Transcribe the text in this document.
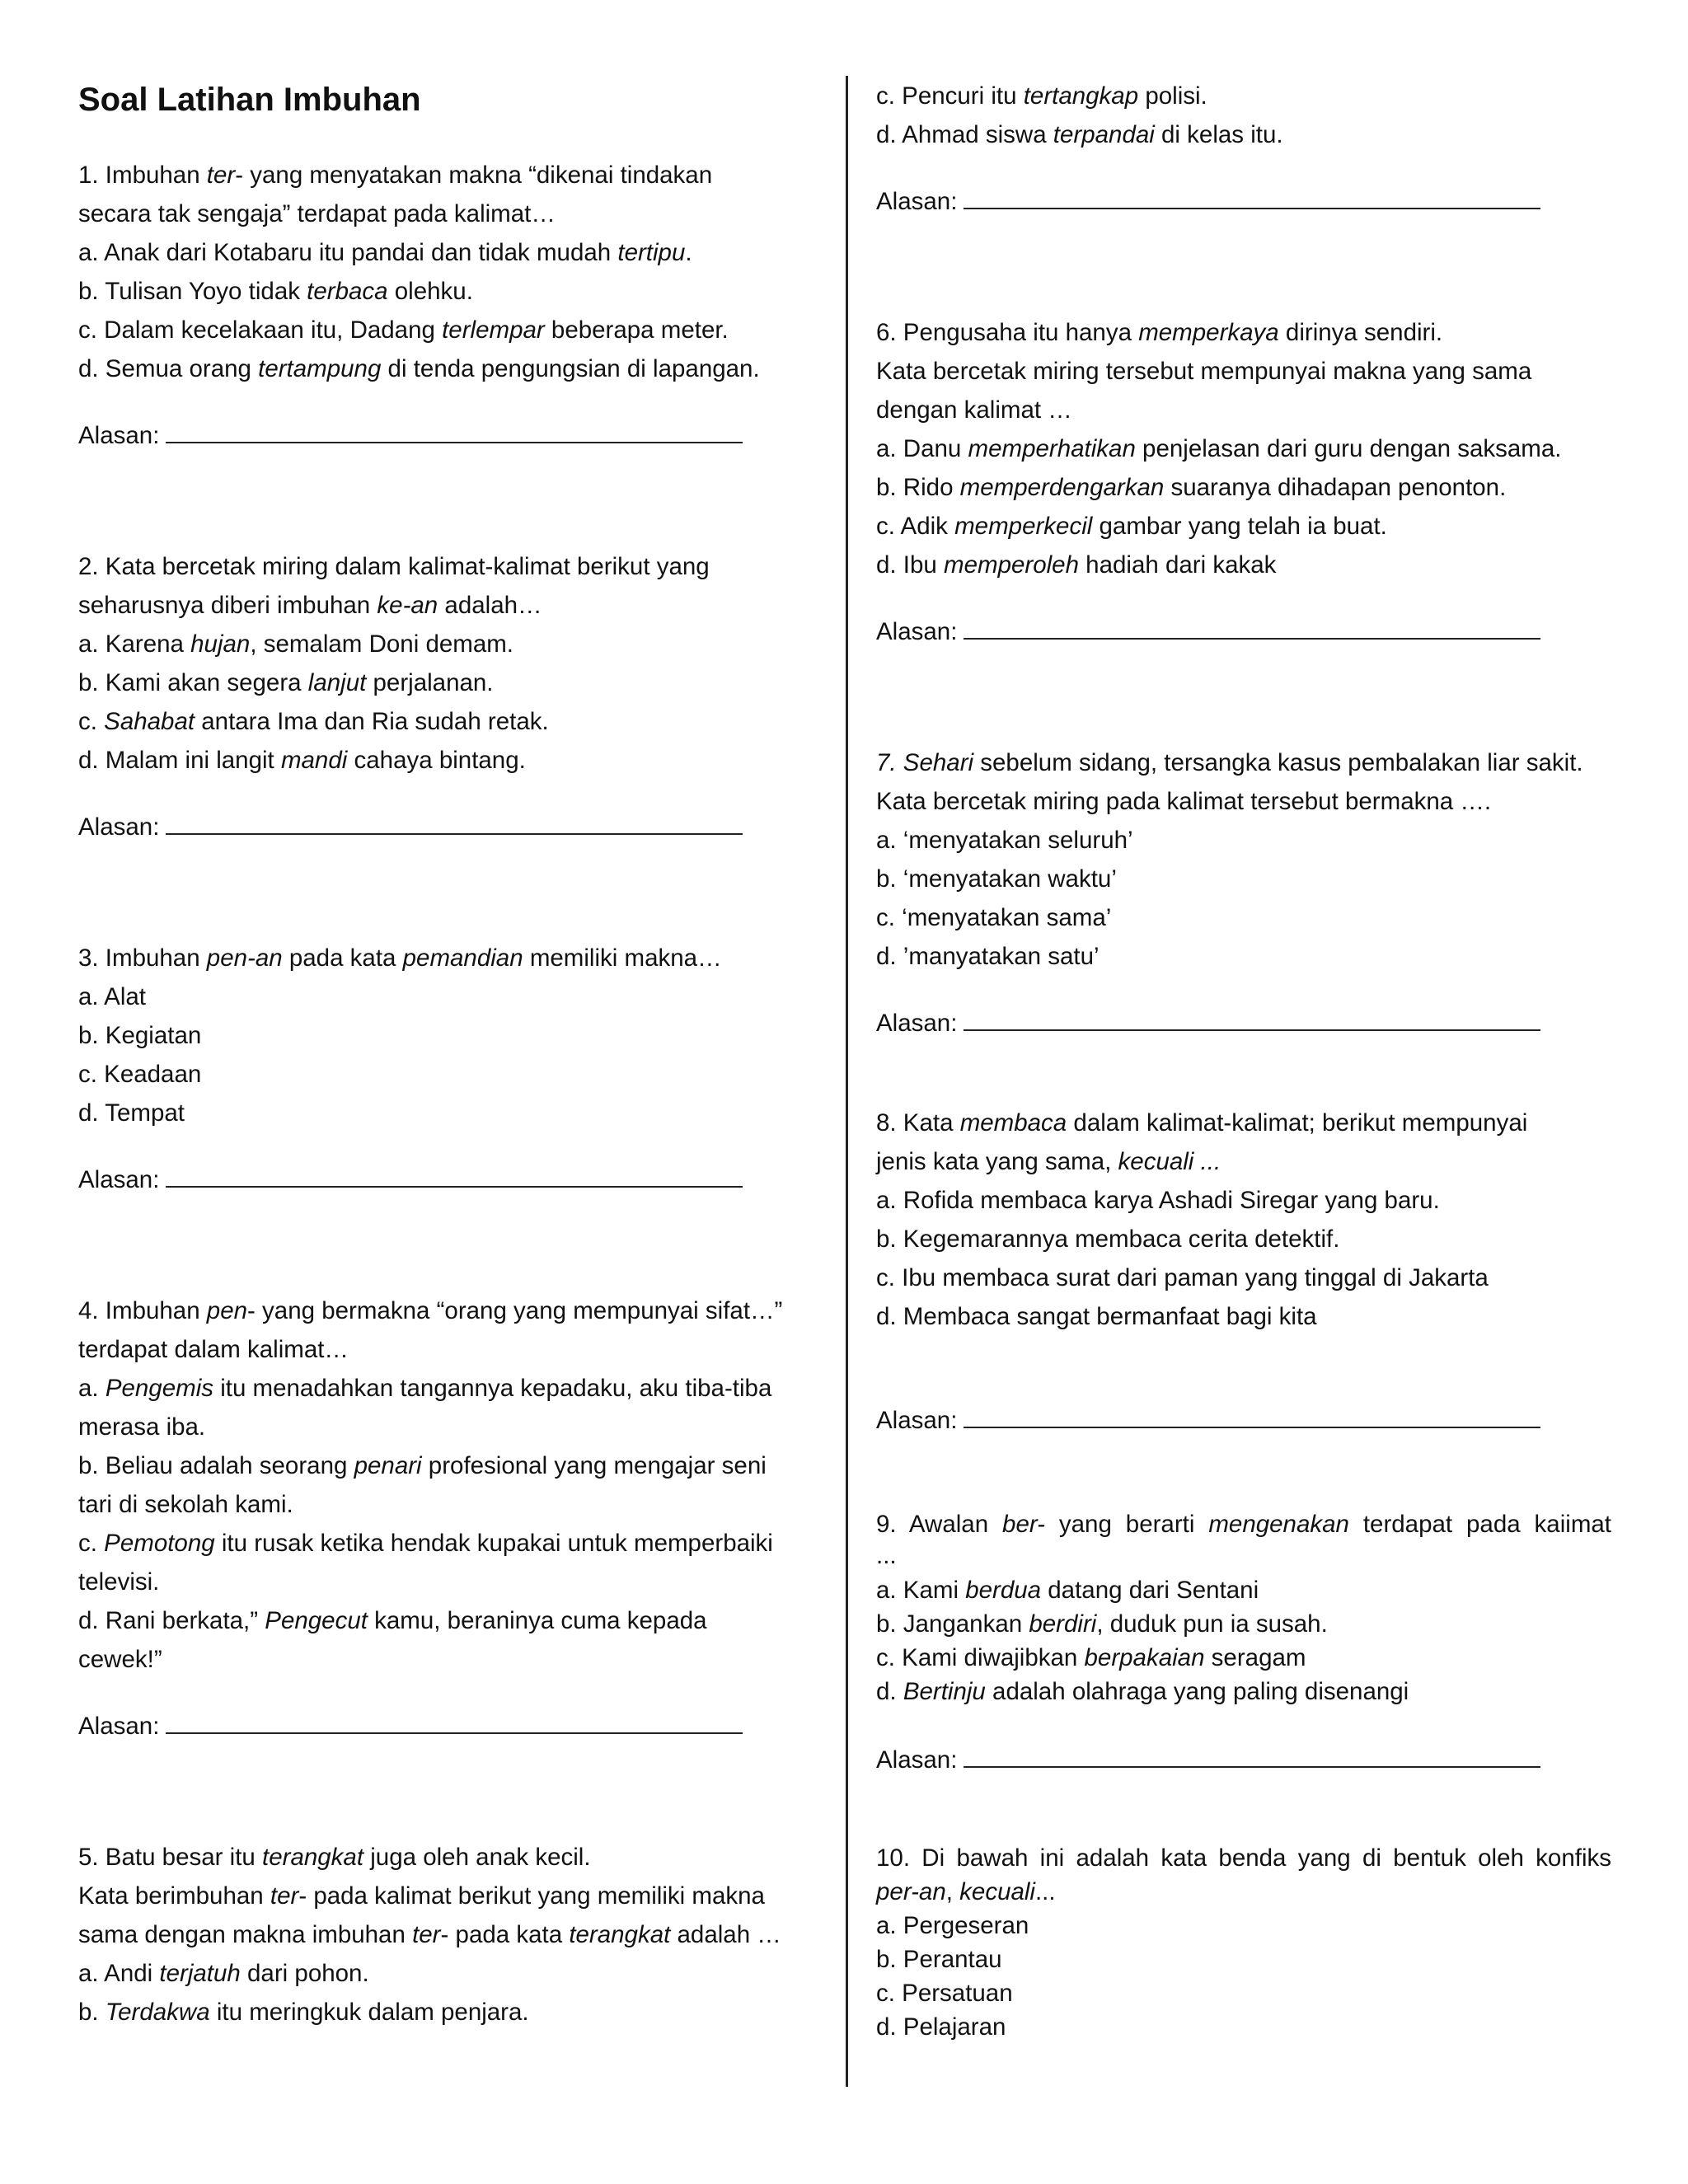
Soal Latihan Imbuhan
1. Imbuhan ter- yang menyatakan makna “dikenai tindakan
secara tak sengaja” terdapat pada kalimat…
a. Anak dari Kotabaru itu pandai dan tidak mudah tertipu.
b. Tulisan Yoyo tidak terbaca olehku.
c. Dalam kecelakaan itu, Dadang terlempar beberapa meter.
d. Semua orang tertampung di tenda pengungsian di lapangan.
Alasan:
2. Kata bercetak miring dalam kalimat-kalimat berikut yang
seharusnya diberi imbuhan ke-an adalah…
a. Karena hujan, semalam Doni demam.
b. Kami akan segera lanjut perjalanan.
c. Sahabat antara Ima dan Ria sudah retak.
d. Malam ini langit mandi cahaya bintang.
Alasan:
3. Imbuhan pen-an pada kata pemandian memiliki makna…
a. Alat
b. Kegiatan
c. Keadaan
d. Tempat
Alasan:
4. Imbuhan pen- yang bermakna “orang yang mempunyai sifat…”
terdapat dalam kalimat…
a. Pengemis itu menadahkan tangannya kepadaku, aku tiba-tiba
merasa iba.
b. Beliau adalah seorang penari profesional yang mengajar seni
tari di sekolah kami.
c. Pemotong itu rusak ketika hendak kupakai untuk memperbaiki
televisi.
d. Rani berkata,” Pengecut kamu, beraninya cuma kepada
cewek!”
Alasan:
5. Batu besar itu terangkat juga oleh anak kecil.
Kata berimbuhan ter- pada kalimat berikut yang memiliki makna
sama dengan makna imbuhan ter- pada kata terangkat adalah …
a. Andi terjatuh dari pohon.
b. Terdakwa itu meringkuk dalam penjara.
c. Pencuri itu tertangkap polisi.
d. Ahmad siswa terpandai di kelas itu.
Alasan:
6. Pengusaha itu hanya memperkaya dirinya sendiri.
Kata bercetak miring tersebut mempunyai makna yang sama
dengan kalimat …
a. Danu memperhatikan penjelasan dari guru dengan saksama.
b. Rido memperdengarkan suaranya dihadapan penonton.
c. Adik memperkecil gambar yang telah ia buat.
d. Ibu memperoleh hadiah dari kakak
Alasan:
7. Sehari sebelum sidang, tersangka kasus pembalakan liar sakit.
Kata bercetak miring pada kalimat tersebut bermakna ….
a. ‘menyatakan seluruh’
b. ‘menyatakan waktu’
c. ‘menyatakan sama’
d. ’manyatakan satu’
Alasan:
8. Kata membaca dalam kalimat-kalimat; berikut mempunyai
jenis kata yang sama, kecuali ...
a. Rofida membaca karya Ashadi Siregar yang baru.
b. Kegemarannya membaca cerita detektif.
c. Ibu membaca surat dari paman yang tinggal di Jakarta
d. Membaca sangat bermanfaat bagi kita
Alasan:
9. Awalan ber- yang berarti mengenakan terdapat pada kaiimat
...
a. Kami berdua datang dari Sentani
b. Jangankan berdiri, duduk pun ia susah.
c. Kami diwajibkan berpakaian seragam
d. Bertinju adalah olahraga yang paling disenangi
Alasan:
10. Di bawah ini adalah kata benda yang di bentuk oleh konfiks
per-an, kecuali...
a. Pergeseran
b. Perantau
c. Persatuan
d. Pelajaran
